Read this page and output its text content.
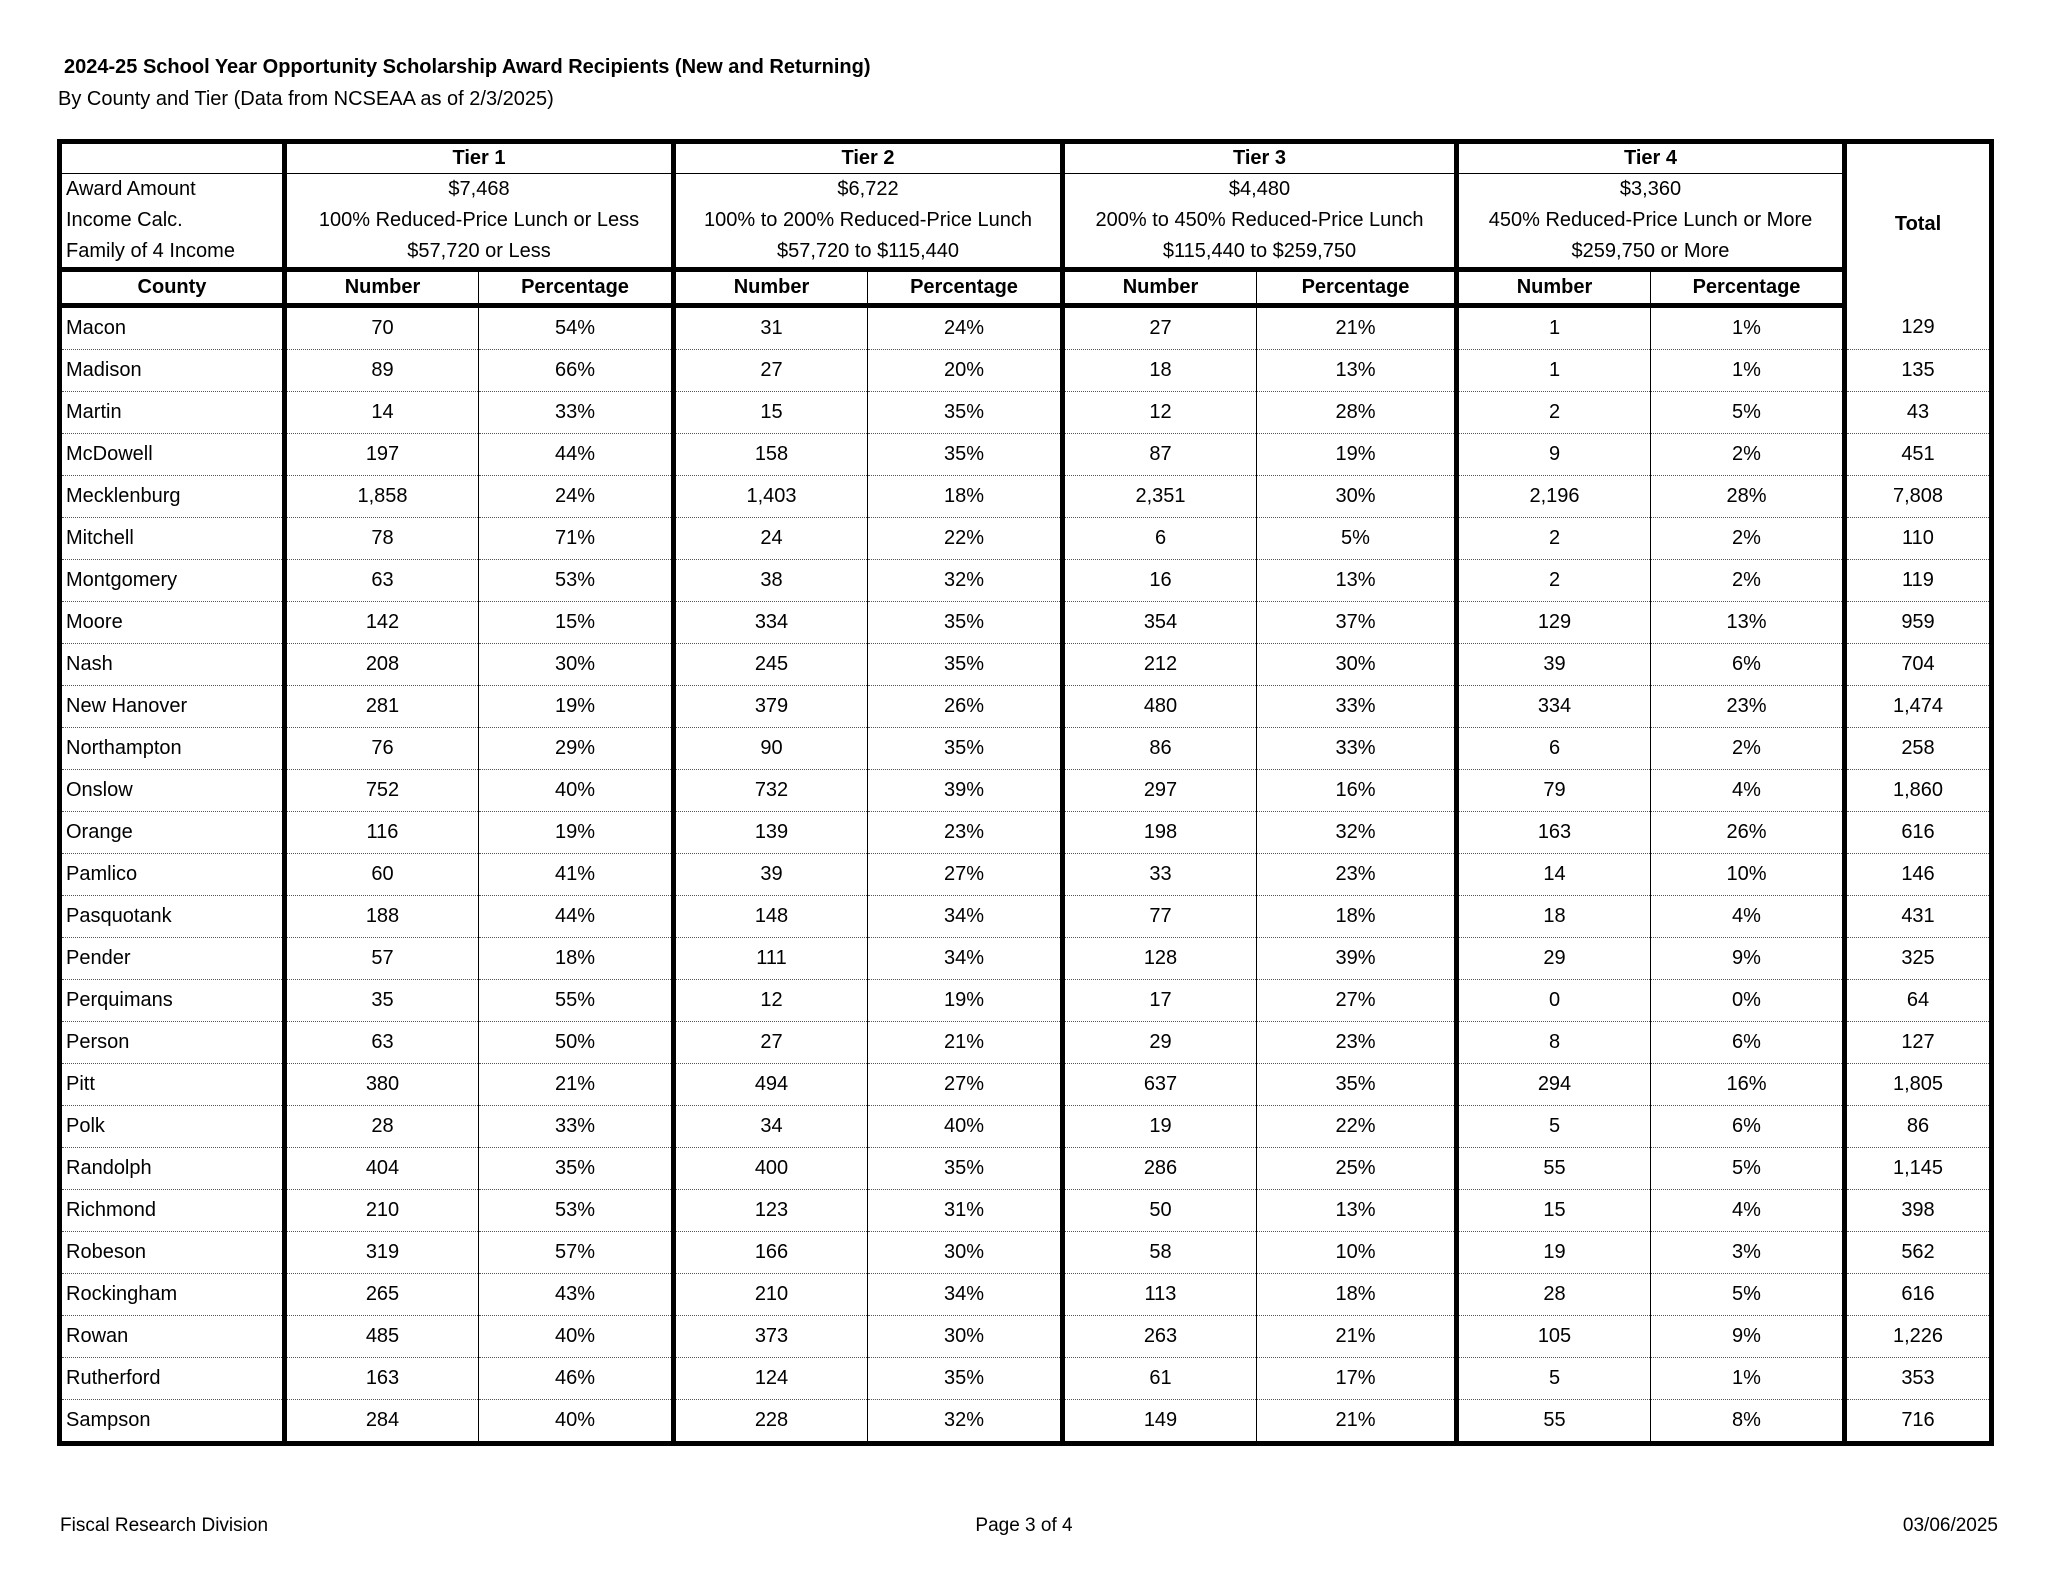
2024-25 School Year Opportunity Scholarship Award Recipients (New and Returning)
By County and Tier (Data from NCSEAA as of 2/3/2025)
	Tier 1		Tier 2		Tier 3		Tier 4		Total
Award Amount	$7,468		$6,722		$4,480		$3,360		
Income Calc.	100% Reduced-Price Lunch or Less		100% to 200% Reduced-Price Lunch		200% to 450% Reduced-Price Lunch		450% Reduced-Price Lunch or More		
Family of 4 Income	$57,720 or Less		$57,720 to $115,440		$115,440 to $259,750		$259,750 or More		
County	Number	Percentage	Number	Percentage	Number	Percentage	Number	Percentage	
Macon	70	54%	31	24%	27	21%	1	1%	129
Madison	89	66%	27	20%	18	13%	1	1%	135
Martin	14	33%	15	35%	12	28%	2	5%	43
McDowell	197	44%	158	35%	87	19%	9	2%	451
Mecklenburg	1,858	24%	1,403	18%	2,351	30%	2,196	28%	7,808
Mitchell	78	71%	24	22%	6	5%	2	2%	110
Montgomery	63	53%	38	32%	16	13%	2	2%	119
Moore	142	15%	334	35%	354	37%	129	13%	959
Nash	208	30%	245	35%	212	30%	39	6%	704
New Hanover	281	19%	379	26%	480	33%	334	23%	1,474
Northampton	76	29%	90	35%	86	33%	6	2%	258
Onslow	752	40%	732	39%	297	16%	79	4%	1,860
Orange	116	19%	139	23%	198	32%	163	26%	616
Pamlico	60	41%	39	27%	33	23%	14	10%	146
Pasquotank	188	44%	148	34%	77	18%	18	4%	431
Pender	57	18%	111	34%	128	39%	29	9%	325
Perquimans	35	55%	12	19%	17	27%	0	0%	64
Person	63	50%	27	21%	29	23%	8	6%	127
Pitt	380	21%	494	27%	637	35%	294	16%	1,805
Polk	28	33%	34	40%	19	22%	5	6%	86
Randolph	404	35%	400	35%	286	25%	55	5%	1,145
Richmond	210	53%	123	31%	50	13%	15	4%	398
Robeson	319	57%	166	30%	58	10%	19	3%	562
Rockingham	265	43%	210	34%	113	18%	28	5%	616
Rowan	485	40%	373	30%	263	21%	105	9%	1,226
Rutherford	163	46%	124	35%	61	17%	5	1%	353
Sampson	284	40%	228	32%	149	21%	55	8%	716
Fiscal Research Division	Page 3 of 4	03/06/2025
